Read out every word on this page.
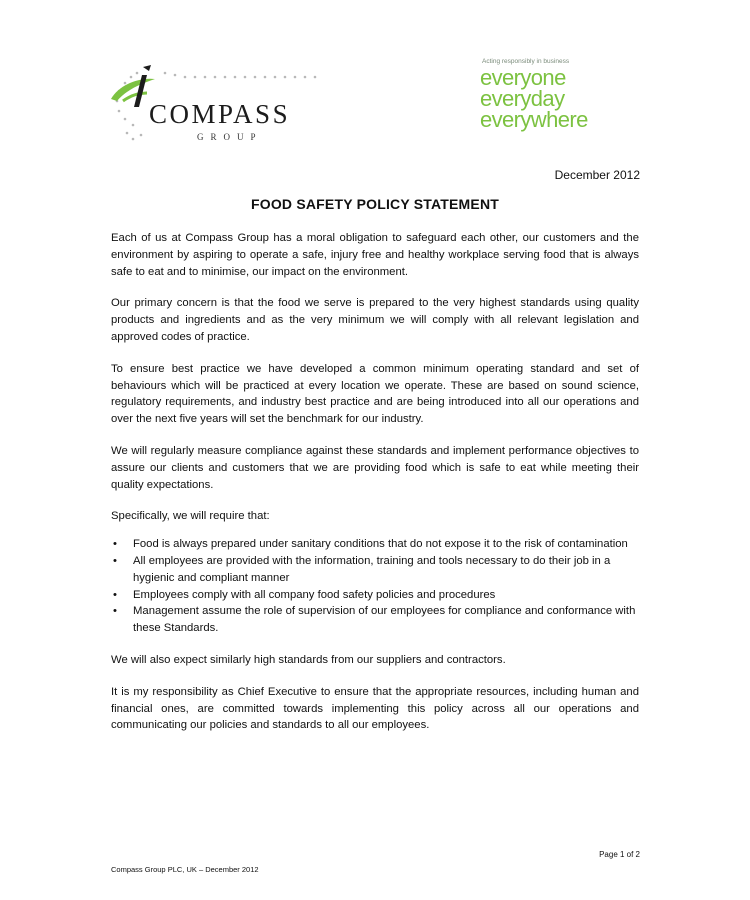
COMPASS
GROUP
Acting responsibly in business
everyone
everyday
everywhere
December 2012
FOOD SAFETY POLICY STATEMENT

Each of us at Compass Group has a moral obligation to safeguard each other, our customers and the environment by aspiring to operate a safe, injury free and healthy workplace serving food that is always safe to eat and to minimise, our impact on the environment.

Our primary concern is that the food we serve is prepared to the very highest standards using quality products and ingredients and as the very minimum we will comply with all relevant legislation and approved codes of practice.

To ensure best practice we have developed a common minimum operating standard and set of behaviours which will be practiced at every location we operate. These are based on sound science, regulatory requirements, and industry best practice and are being introduced into all our operations and over the next five years will set the benchmark for our industry.

We will regularly measure compliance against these standards and implement performance objectives to assure our clients and customers that we are providing food which is safe to eat while meeting their quality expectations.

Specifically, we will require that:

• Food is always prepared under sanitary conditions that do not expose it to the risk of contamination
• All employees are provided with the information, training and tools necessary to do their job in a hygienic and compliant manner
• Employees comply with all company food safety policies and procedures
• Management assume the role of supervision of our employees for compliance and conformance with these Standards.

We will also expect similarly high standards from our suppliers and contractors.

It is my responsibility as Chief Executive to ensure that the appropriate resources, including human and financial ones, are committed towards implementing this policy across all our operations and communicating our policies and standards to all our employees.

Page 1 of 2
Compass Group PLC, UK – December 2012
